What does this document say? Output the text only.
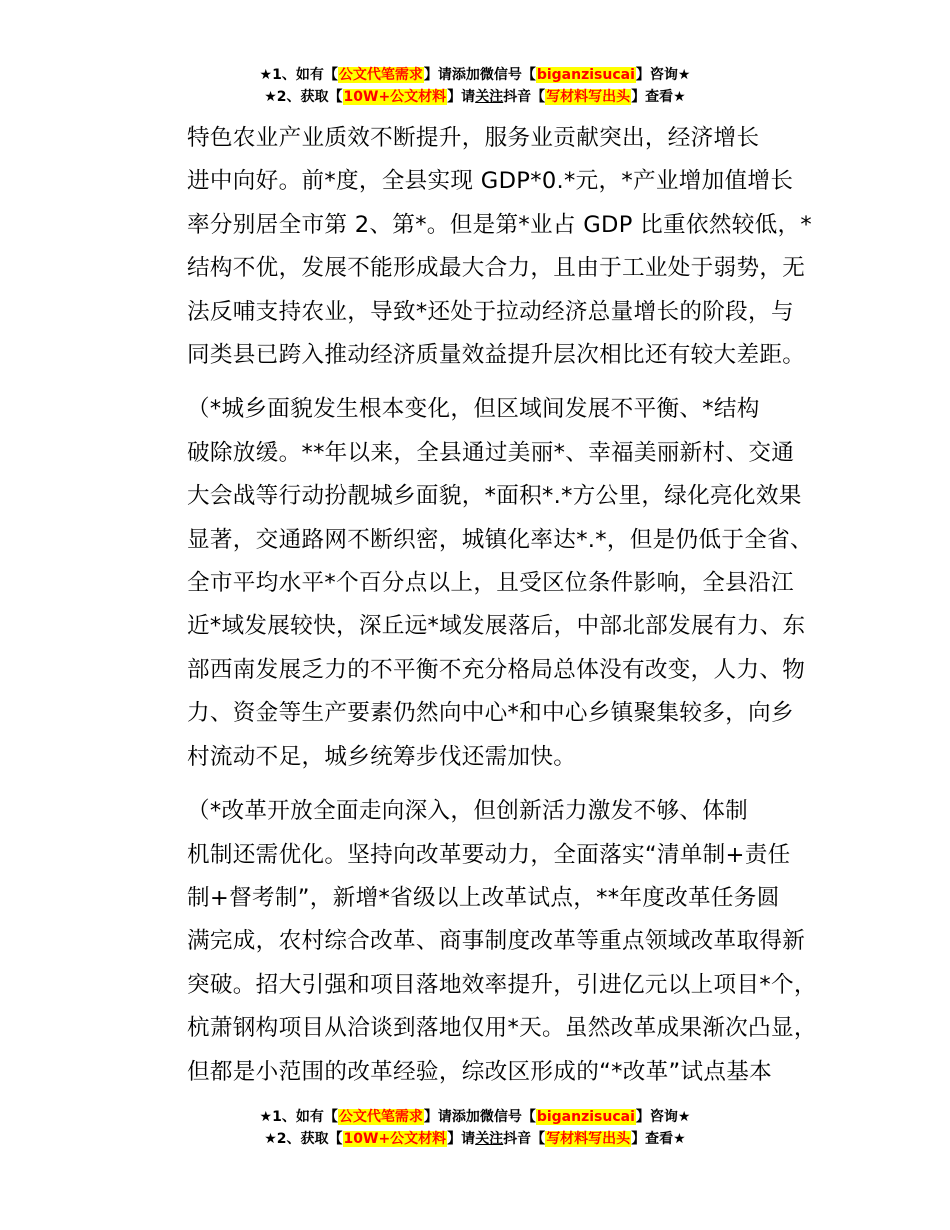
★1、如有【公文代笔需求】请添加微信号【biganzisucai】咨询★
★2、获取【10W+公文材料】请关注抖音【写材料写出头】查看★

特色农业产业质效不断提升，服务业贡献突出，经济增长
进中向好。前*度，全县实现 GDP*0.*元，*产业增加值增长
率分别居全市第 2、第*。但是第*业占 GDP 比重依然较低，*
结构不优，发展不能形成最大合力，且由于工业处于弱势，无
法反哺支持农业，导致*还处于拉动经济总量增长的阶段，与
同类县已跨入推动经济质量效益提升层次相比还有较大差距。

（*城乡面貌发生根本变化，但区域间发展不平衡、*结构
破除放缓。**年以来，全县通过美丽*、幸福美丽新村、交通
大会战等行动扮靓城乡面貌，*面积*.*方公里，绿化亮化效果
显著，交通路网不断织密，城镇化率达*.*，但是仍低于全省、
全市平均水平*个百分点以上，且受区位条件影响，全县沿江
近*域发展较快，深丘远*域发展落后，中部北部发展有力、东
部西南发展乏力的不平衡不充分格局总体没有改变，人力、物
力、资金等生产要素仍然向中心*和中心乡镇聚集较多，向乡
村流动不足，城乡统筹步伐还需加快。

（*改革开放全面走向深入，但创新活力激发不够、体制
机制还需优化。坚持向改革要动力，全面落实“清单制+责任
制+督考制”，新增*省级以上改革试点，**年度改革任务圆
满完成，农村综合改革、商事制度改革等重点领域改革取得新
突破。招大引强和项目落地效率提升，引进亿元以上项目*个，
杭萧钢构项目从洽谈到落地仅用*天。虽然改革成果渐次凸显，
但都是小范围的改革经验，综改区形成的“*改革”试点基本

★1、如有【公文代笔需求】请添加微信号【biganzisucai】咨询★
★2、获取【10W+公文材料】请关注抖音【写材料写出头】查看★
